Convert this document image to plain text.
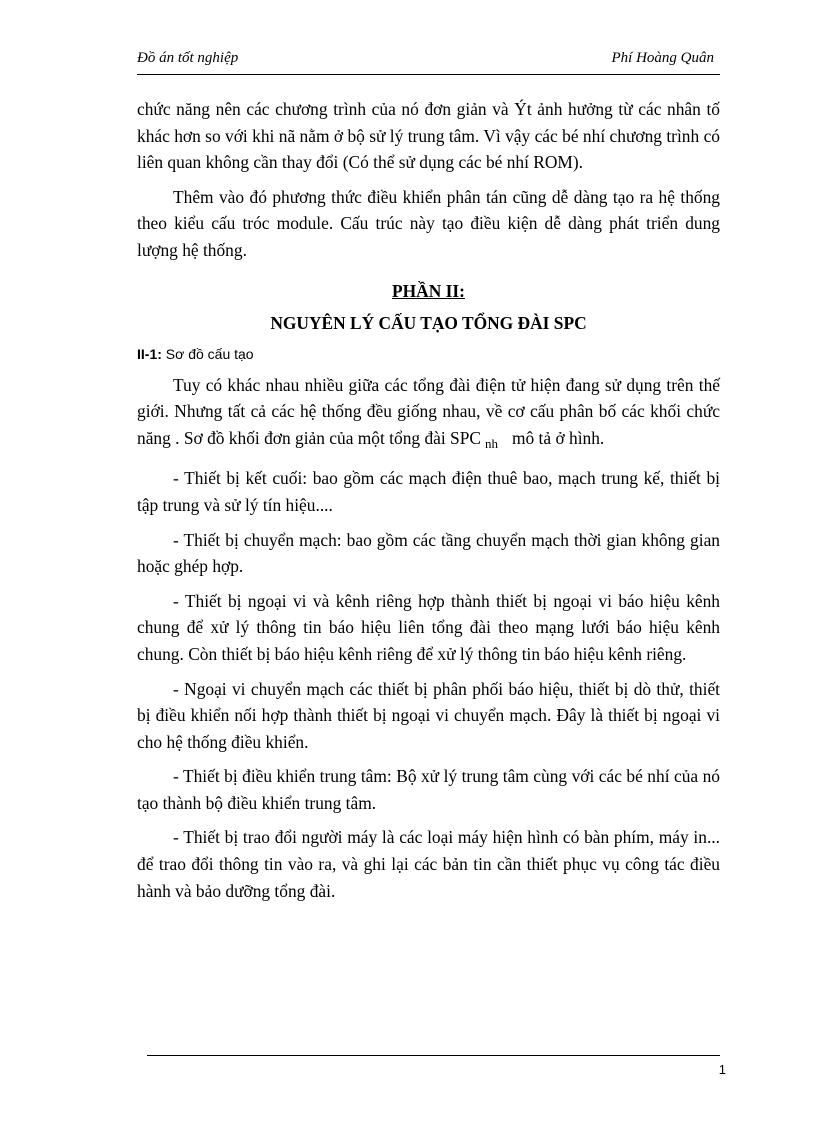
Đồ án tốt nghiệp	Phí Hoàng Quân

chức năng nên các chương trình của nó đơn giản và Ýt ảnh hưởng từ các nhân tố khác hơn so với khi nã nằm ở bộ sử lý trung tâm. Vì vậy các bé nhí chương trình có liên quan không cần thay đổi (Có thể sử dụng các bé nhí ROM).

Thêm vào đó phương thức điều khiển phân tán cũng dễ dàng tạo ra hệ thống theo kiểu cấu tróc module. Cấu trúc này tạo điều kiện dễ dàng phát triển dung lượng hệ thống.

PHẦN II:
NGUYÊN LÝ CẤU TẠO TỔNG ĐÀI SPC
II-1: Sơ đồ cấu tạo

Tuy có khác nhau nhiều giữa các tổng đài điện tử hiện đang sử dụng trên thế giới. Nhưng tất cả các hệ thống đều giống nhau, về cơ cấu phân bố các khối chức năng . Sơ đồ khối đơn giản của một tổng đài SPC $_{nh}$ mô tả ở hình.

- Thiết bị kết cuối: bao gồm các mạch điện thuê bao, mạch trung kế, thiết bị tập trung và sử lý tín hiệu....

- Thiết bị chuyển mạch: bao gồm các tầng chuyển mạch thời gian không gian hoặc ghép hợp.

- Thiết bị ngoại vi và kênh riêng hợp thành thiết bị ngoại vi báo hiệu kênh chung để xử lý thông tin báo hiệu liên tổng đài theo mạng lưới báo hiệu kênh chung. Còn thiết bị báo hiệu kênh riêng để xử lý thông tin báo hiệu kênh riêng.

- Ngoại vi chuyển mạch các thiết bị phân phối báo hiệu, thiết bị dò thử, thiết bị điều khiển nối hợp thành thiết bị ngoại vi chuyển mạch. Đây là thiết bị ngoại vi cho hệ thống điều khiển.

- Thiết bị điều khiển trung tâm: Bộ xử lý trung tâm cùng với các bé nhí của nó tạo thành bộ điều khiển trung tâm.

- Thiết bị trao đổi người máy là các loại máy hiện hình có bàn phím, máy in... để trao đổi thông tin vào ra, và ghi lại các bản tin cần thiết phục vụ công tác điều hành và bảo dưỡng tổng đài.

1
